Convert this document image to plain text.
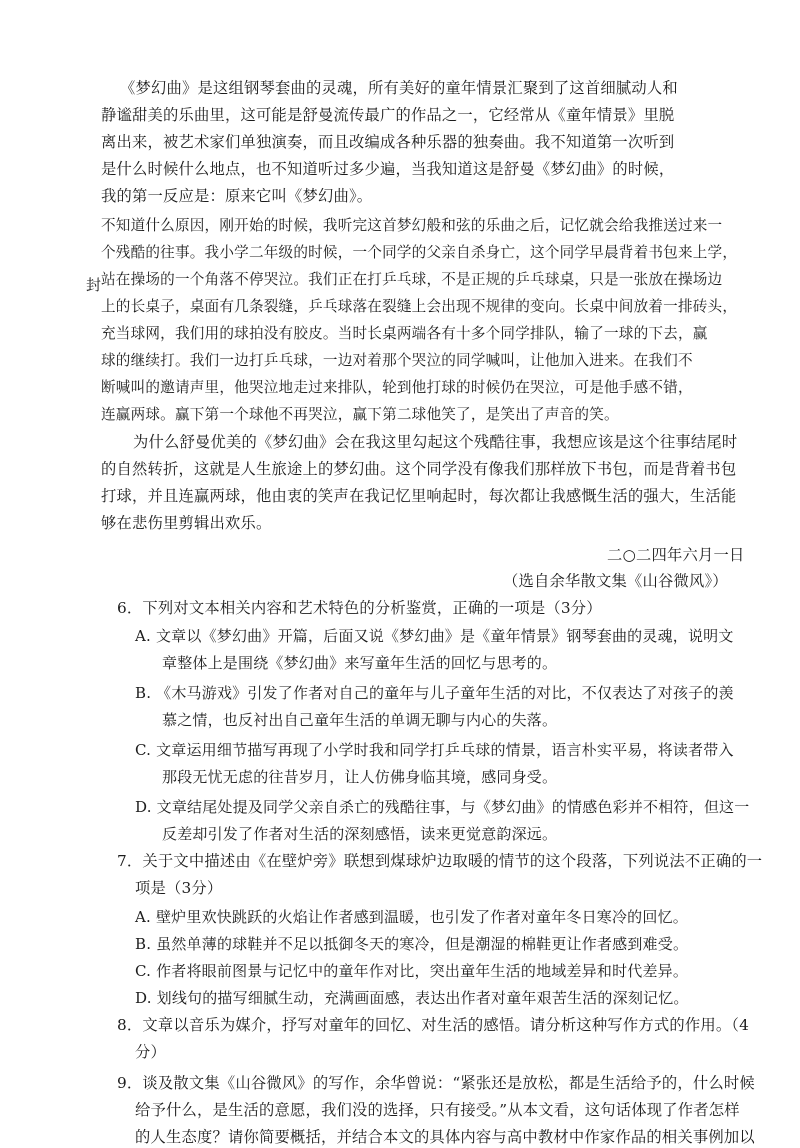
《梦幻曲》是这组钢琴套曲的灵魂，所有美好的童年情景汇聚到了这首细腻动人和
静谧甜美的乐曲里，这可能是舒曼流传最广的作品之一，它经常从《童年情景》里脱
离出来，被艺术家们单独演奏，而且改编成各种乐器的独奏曲。我不知道第一次听到
是什么时候什么地点，也不知道听过多少遍，当我知道这是舒曼《梦幻曲》的时候，
我的第一反应是：原来它叫《梦幻曲》。
不知道什么原因，刚开始的时候，我听完这首梦幻般和弦的乐曲之后，记忆就会给我推送过来一
个残酷的往事。我小学二年级的时候，一个同学的父亲自杀身亡，这个同学早晨背着书包来上学，
站在操场的一个角落不停哭泣。我们正在打乒乓球，不是正规的乒乓球桌，只是一张放在操场边
封
上的长桌子，桌面有几条裂缝，乒乓球落在裂缝上会出现不规律的变向。长桌中间放着一排砖头，
充当球网，我们用的球拍没有胶皮。当时长桌两端各有十多个同学排队，输了一球的下去，赢
球的继续打。我们一边打乒乓球，一边对着那个哭泣的同学喊叫，让他加入进来。在我们不
断喊叫的邀请声里，他哭泣地走过来排队，轮到他打球的时候仍在哭泣，可是他手感不错，
连赢两球。赢下第一个球他不再哭泣，赢下第二球他笑了，是笑出了声音的笑。
为什么舒曼优美的《梦幻曲》会在我这里勾起这个残酷往事，我想应该是这个往事结尾时
的自然转折，这就是人生旅途上的梦幻曲。这个同学没有像我们那样放下书包，而是背着书包
打球，并且连赢两球，他由衷的笑声在我记忆里响起时，每次都让我感慨生活的强大，生活能
够在悲伤里剪辑出欢乐。
二○二四年六月一日
（选自余华散文集《山谷微风》）
6．下列对文本相关内容和艺术特色的分析鉴赏，正确的一项是（3分）
A. 文章以《梦幻曲》开篇，后面又说《梦幻曲》是《童年情景》钢琴套曲的灵魂，说明文
章整体上是围绕《梦幻曲》来写童年生活的回忆与思考的。
B. 《木马游戏》引发了作者对自己的童年与儿子童年生活的对比，不仅表达了对孩子的羡
慕之情，也反衬出自己童年生活的单调无聊与内心的失落。
C. 文章运用细节描写再现了小学时我和同学打乒乓球的情景，语言朴实平易，将读者带入
那段无忧无虑的往昔岁月，让人仿佛身临其境，感同身受。
D. 文章结尾处提及同学父亲自杀亡的残酷往事，与《梦幻曲》的情感色彩并不相符，但这一
反差却引发了作者对生活的深刻感悟，读来更觉意韵深远。
7．关于文中描述由《在壁炉旁》联想到煤球炉边取暖的情节的这个段落，下列说法不正确的一
项是（3分）
A. 壁炉里欢快跳跃的火焰让作者感到温暖，也引发了作者对童年冬日寒冷的回忆。
B. 虽然单薄的球鞋并不足以抵御冬天的寒冷，但是潮湿的棉鞋更让作者感到难受。
C. 作者将眼前图景与记忆中的童年作对比，突出童年生活的地域差异和时代差异。
D. 划线句的描写细腻生动，充满画面感，表达出作者对童年艰苦生活的深刻记忆。
8．文章以音乐为媒介，抒写对童年的回忆、对生活的感悟。请分析这种写作方式的作用。（4
分）
9．谈及散文集《山谷微风》的写作，余华曾说：“紧张还是放松，都是生活给予的，什么时候
给予什么，是生活的意愿，我们没的选择，只有接受。”从本文看，这句话体现了作者怎样
的人生态度？请你简要概括，并结合本文的具体内容与高中教材中作家作品的相关事例加以
